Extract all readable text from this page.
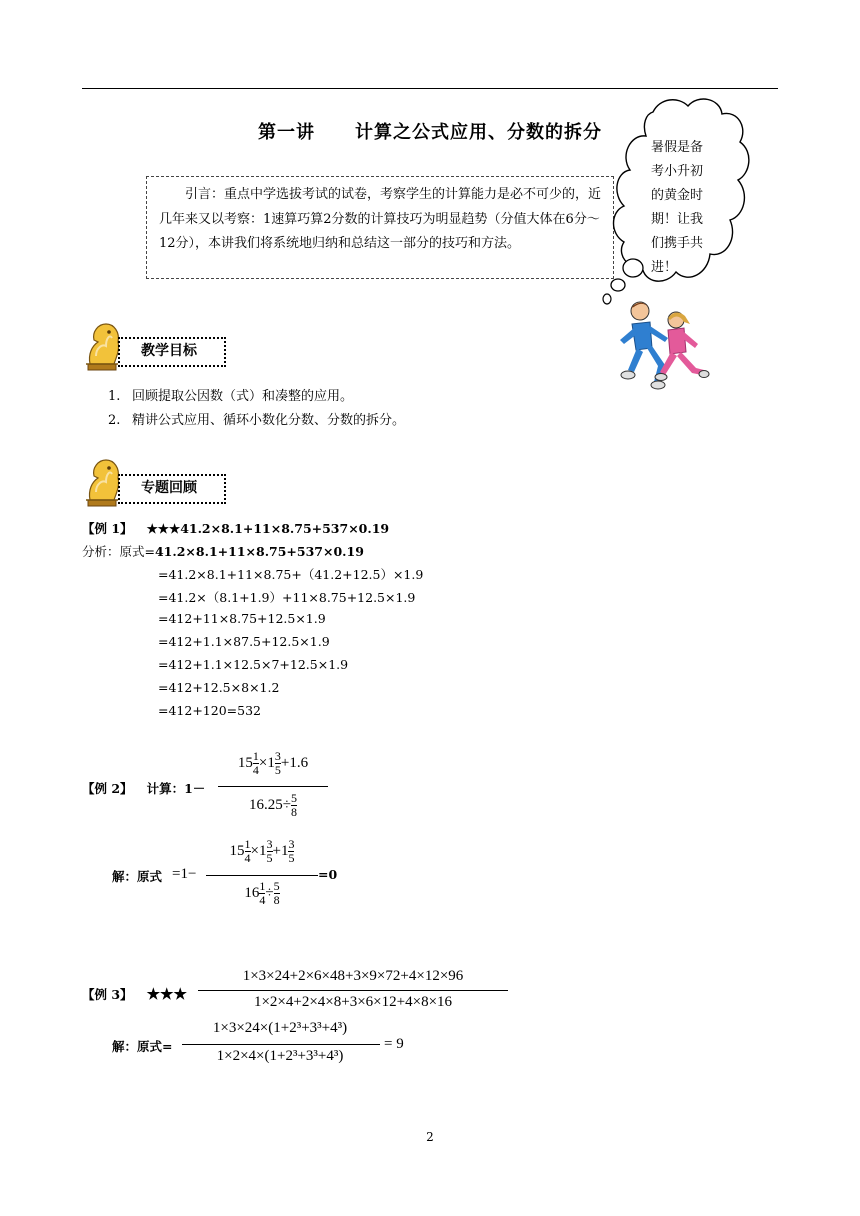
第一讲 计算之公式应用、分数的拆分
引言：重点中学选拔考试的试卷，考察学生的计算能力是必不可少的，近几年来又以考察：1速算巧算2分数的计算技巧为明显趋势（分值大体在6分～12分），本讲我们将系统地归纳和总结这一部分的技巧和方法。
暑假是备
考小升初
的黄金时
期！让我
们携手共
进！
教学目标
1. 回顾提取公因数（式）和凑整的应用。
2. 精讲公式应用、循环小数化分数、分数的拆分。
专题回顾
【例 1】 ★★★41.2×8.1+11×8.75+537×0.19
分析：原式=41.2×8.1+11×8.75+537×0.19
=41.2×8.1+11×8.75+（41.2+12.5）×1.9
=41.2×（8.1+1.9）+11×8.75+12.5×1.9
=412+11×8.75+12.5×1.9
=412+1.1×87.5+12.5×1.9
=412+1.1×12.5×7+12.5×1.9
=412+12.5×8×1.2
=412+120=532
【例 2】 计算：1－
$15 \frac{1}{4} \times 1 \frac{3}{5} +1.6$
$16.25\div \frac{5}{8}$
解：原式 =1−
$15 \frac{1}{4} \times 1 \frac{3}{5} +1 \frac{3}{5}$
$16 \frac{1}{4} \div \frac{5}{8}$
=0
【例 3】 ★★★
1×3×24+2×6×48+3×9×72+4×12×96
1×2×4+2×4×8+3×6×12+4×8×16
解：原式=
1×3×24×(1+2³+3³+4³)
1×2×4×(1+2³+3³+4³)
= 9
2
